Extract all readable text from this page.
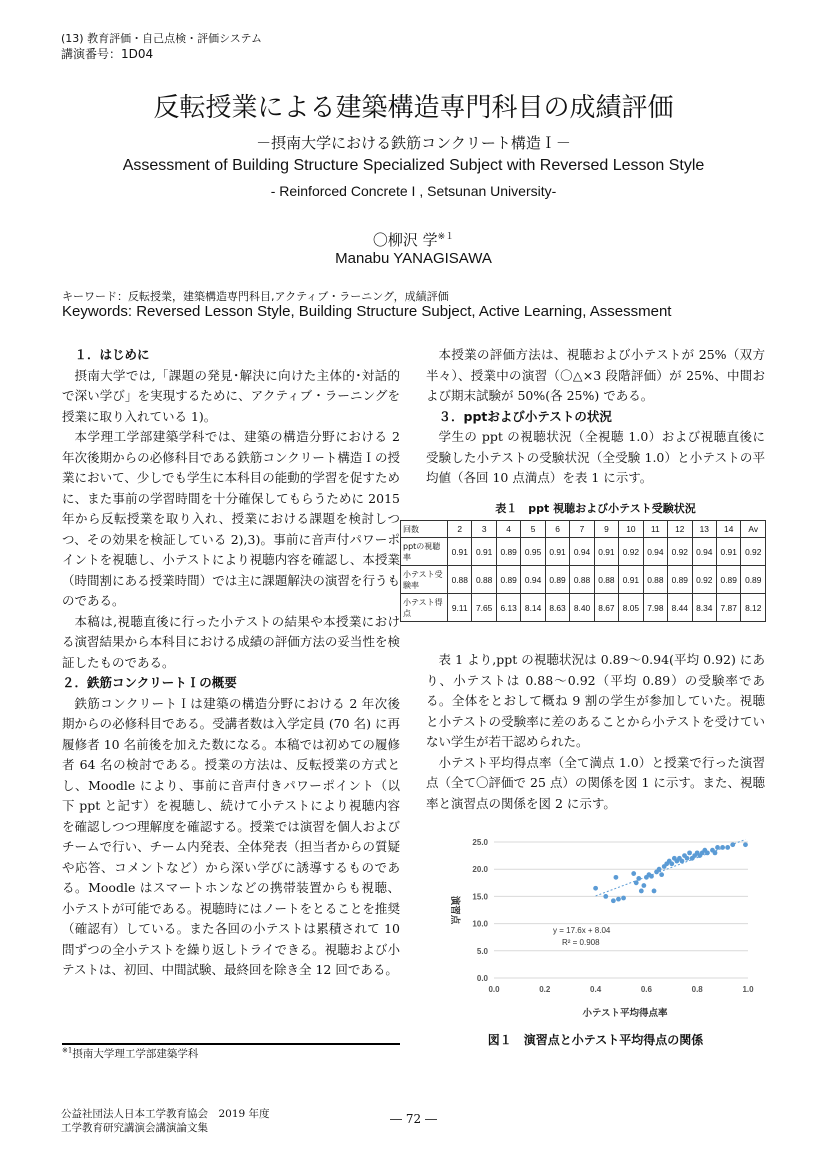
(13) 教育評価・自己点検・評価システム
講演番号：1D04
反転授業による建築構造専門科目の成績評価
－摂南大学における鉄筋コンクリート構造Ｉ－
Assessment of Building Structure Specialized Subject with Reversed Lesson Style
- Reinforced Concrete I , Setsunan University-
〇柳沢 学$^{※1}$
Manabu YANAGISAWA
キーワード：反転授業，建築構造専門科目,アクティブ・ラーニング，成績評価
Keywords: Reversed Lesson Style, Building Structure Subject, Active Learning, Assessment

１．はじめに

摂南大学では,「課題の発見･解決に向けた主体的･対話的で深い学び」を実現するために、アクティブ・ラーニングを授業に取り入れている 1)。

本学理工学部建築学科では、建築の構造分野における 2 年次後期からの必修科目である鉄筋コンクリート構造Ｉの授業において、少しでも学生に本科目の能動的学習を促すために、また事前の学習時間を十分確保してもらうために 2015 年から反転授業を取り入れ、授業における課題を検討しつつ、その効果を検証している 2),3)。事前に音声付パワーポイントを視聴し、小テストにより視聴内容を確認し、本授業（時間割にある授業時間）では主に課題解決の演習を行うものである。

本稿は,視聴直後に行った小テストの結果や本授業における演習結果から本科目における成績の評価方法の妥当性を検証したものである。

２．鉄筋コンクリートＩの概要

鉄筋コンクリートＩは建築の構造分野における 2 年次後期からの必修科目である。受講者数は入学定員 (70 名) に再履修者 10 名前後を加えた数になる。本稿では初めての履修者 64 名の検討である。授業の方法は、反転授業の方式とし、Moodle により、事前に音声付きパワーポイント（以下 ppt と記す）を視聴し、続けて小テストにより視聴内容を確認しつつ理解度を確認する。授業では演習を個人およびチームで行い、チーム内発表、全体発表（担当者からの質疑や応答、コメントなど）から深い学びに誘導するものである。Moodle はスマートホンなどの携帯装置からも視聴、小テストが可能である。視聴時にはノートをとることを推奨（確認有）している。また各回の小テストは累積されて 10 問ずつの全小テストを繰り返しトライできる。視聴および小テストは、初回、中間試験、最終回を除き全 12 回である。

本授業の評価方法は、視聴および小テストが 25%（双方半々）、授業中の演習（〇△×3 段階評価）が 25%、中間および期末試験が 50%(各 25%) である。

３．pptおよび小テストの状況

学生の ppt の視聴状況（全視聴 1.0）および視聴直後に受験した小テストの受験状況（全受験 1.0）と小テストの平均値（各回 10 点満点）を表 1 に示す。

表１　ppt 視聴および小テスト受験状況
回数	2	3	4	5	6	7	9	10	11	12	13	14	Av
pptの視聴率	0.91	0.91	0.89	0.95	0.91	0.94	0.91	0.92	0.94	0.92	0.94	0.91	0.92
小テスト受験率	0.88	0.88	0.89	0.94	0.89	0.88	0.88	0.91	0.88	0.89	0.92	0.89	0.89
小テスト得点	9.11	7.65	6.13	8.14	8.63	8.40	8.67	8.05	7.98	8.44	8.34	7.87	8.12

表 1 より,ppt の視聴状況は 0.89～0.94(平均 0.92) にあり、小テストは 0.88～0.92（平均 0.89）の受験率である。全体をとおして概ね 9 割の学生が参加していた。視聴と小テストの受験率に差のあることから小テストを受けていない学生が若干認められた。

小テスト平均得点率（全て満点 1.0）と授業で行った演習点（全て〇評価で 25 点）の関係を図 1 に示す。また、視聴率と演習点の関係を図 2 に示す。

0.0
5.0
10.0
15.0
20.0
25.0
0.0	0.2	0.4	0.6	0.8	1.0
y = 17.6x + 8.04
R² = 0.908
小テスト平均得点率
演習点
図１　演習点と小テスト平均得点の関係
$^{※1}$摂南大学理工学部建築学科
公益社団法人日本工学教育協会　2019 年度
工学教育研究講演会講演論文集
― 72 ―
